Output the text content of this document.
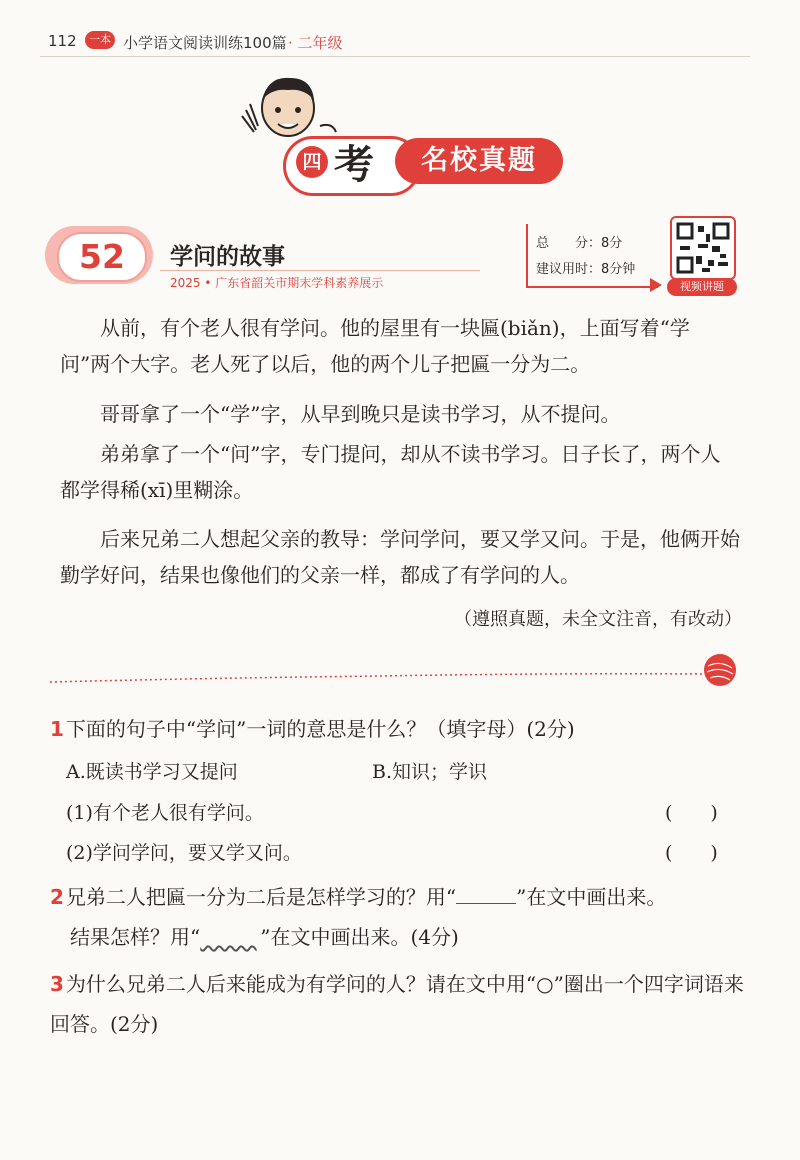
112	一本 小学语文阅读训练100篇 · 二年级
四 考	名校真题
52	学问的故事
2025 • 广东省韶关市期末学科素养展示
总　　分：8分
建议用时：8分钟
视频讲题
从前，有个老人很有学问。他的屋里有一块匾(biǎn)，上面写着“学问”两个大字。老人死了以后，他的两个儿子把匾一分为二。
哥哥拿了一个“学”字，从早到晚只是读书学习，从不提问。
弟弟拿了一个“问”字，专门提问，却从不读书学习。日子长了，两个人都学得稀(xī)里糊涂。
后来兄弟二人想起父亲的教导：学问学问，要又学又问。于是，他俩开始勤学好问，结果也像他们的父亲一样，都成了有学问的人。
（遵照真题，未全文注音，有改动）
1 下面的句子中“学问”一词的意思是什么？（填字母）(2分)
A.既读书学习又提问	B.知识；学识
(1)有个老人很有学问。	(　　)
(2)学问学问，要又学又问。	(　　)
2 兄弟二人把匾一分为二后是怎样学习的？用“	”在文中画出来。
结果怎样？用“	”在文中画出来。(4分)
3 为什么兄弟二人后来能成为有学问的人？请在文中用“○”圈出一个四字词语来回答。(2分)
